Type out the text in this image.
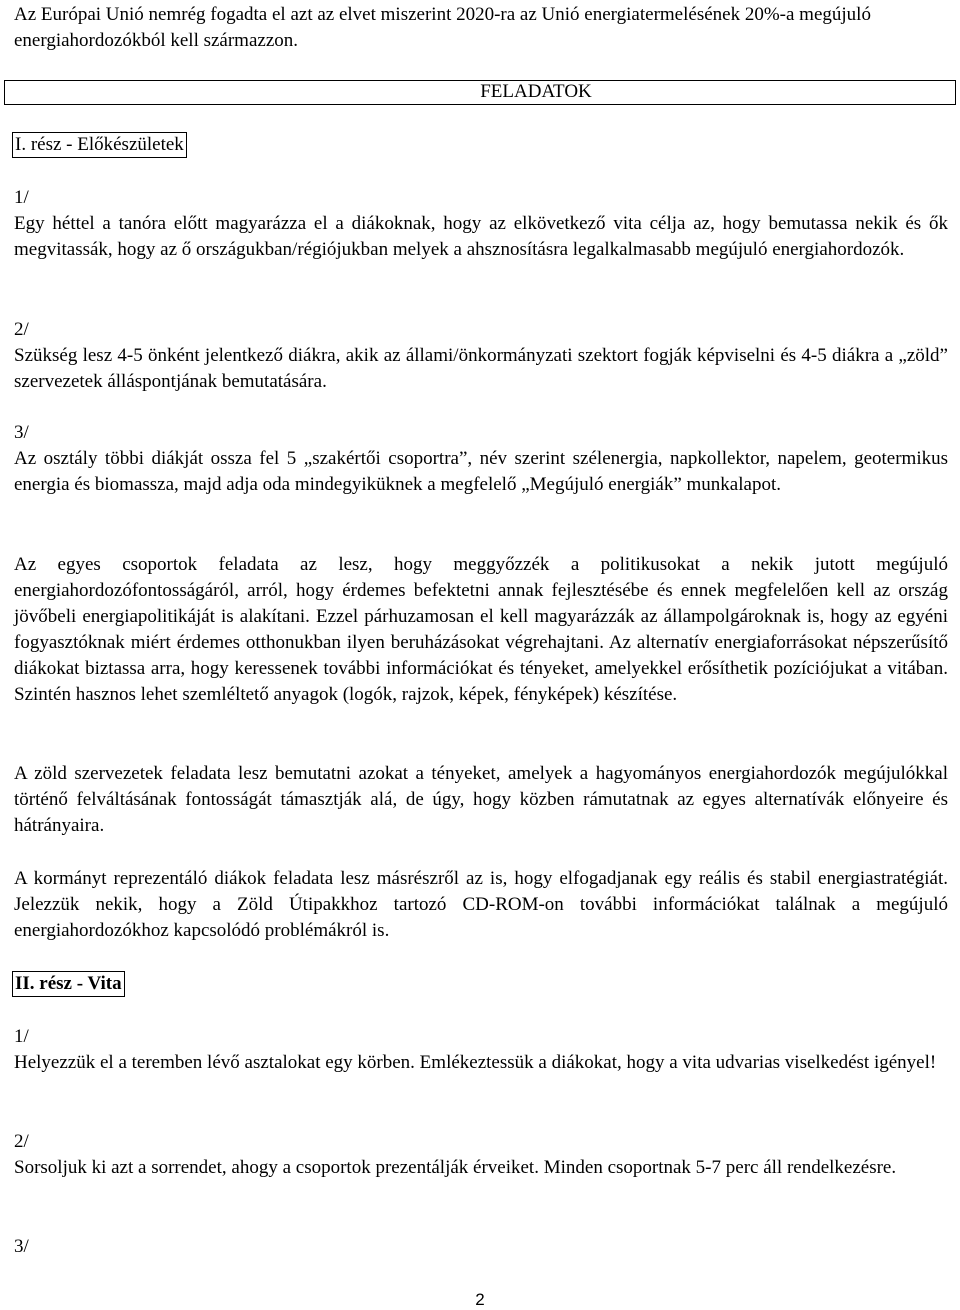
Az Európai Unió nemrég fogadta el azt az elvet miszerint 2020-ra az Unió energiatermelésének 20%-a megújuló energiahordozókból kell származzon.

FELADATOK
I. rész - Előkészületek
1/

Egy héttel a tanóra előtt magyarázza el a diákoknak, hogy az elkövetkező vita célja az, hogy bemutassa nekik és ők megvitassák, hogy az ő országukban/régiójukban melyek a ahsznosításra legalkalmasabb megújuló energiahordozók.

2/

Szükség lesz 4-5 önként jelentkező diákra, akik az állami/önkormányzati szektort fogják képviselni és 4-5 diákra a „zöld” szervezetek álláspontjának bemutatására.

3/

Az osztály többi diákját ossza fel 5 „szakértői csoportra”, név szerint szélenergia, napkollektor, napelem, geotermikus energia és biomassza, majd adja oda mindegyiküknek a megfelelő „Megújuló energiák” munkalapot.

Az egyes csoportok feladata az lesz, hogy meggyőzzék a politikusokat a nekik jutott megújuló energiahordozófontosságáról, arról, hogy érdemes befektetni annak fejlesztésébe és ennek megfelelően kell az ország jövőbeli energiapolitikáját is alakítani. Ezzel párhuzamosan el kell magyarázzák az állampolgároknak is, hogy az egyéni fogyasztóknak miért érdemes otthonukban ilyen beruházásokat végrehajtani. Az alternatív energiaforrásokat népszerűsítő diákokat biztassa arra, hogy keressenek további információkat és tényeket, amelyekkel erősíthetik pozíciójukat a vitában. Szintén hasznos lehet szemléltető anyagok (logók, rajzok, képek, fényképek) készítése.

A zöld szervezetek feladata lesz bemutatni azokat a tényeket, amelyek a hagyományos energiahordozók megújulókkal történő felváltásának fontosságát támasztják alá, de úgy, hogy közben rámutatnak az egyes alternatívák előnyeire és hátrányaira.

A kormányt reprezentáló diákok feladata lesz másrészről az is, hogy elfogadjanak egy reális és stabil energiastratégiát. Jelezzük nekik, hogy a Zöld Útipakkhoz tartozó CD-ROM-on további információkat találnak a megújuló energiahordozókhoz kapcsolódó problémákról is.

II. rész - Vita
1/

Helyezzük el a teremben lévő asztalokat egy körben. Emlékeztessük a diákokat, hogy a vita udvarias viselkedést igényel!

2/

Sorsoljuk ki azt a sorrendet, ahogy a csoportok prezentálják érveiket. Minden csoportnak 5-7 perc áll rendelkezésre.

3/
2
